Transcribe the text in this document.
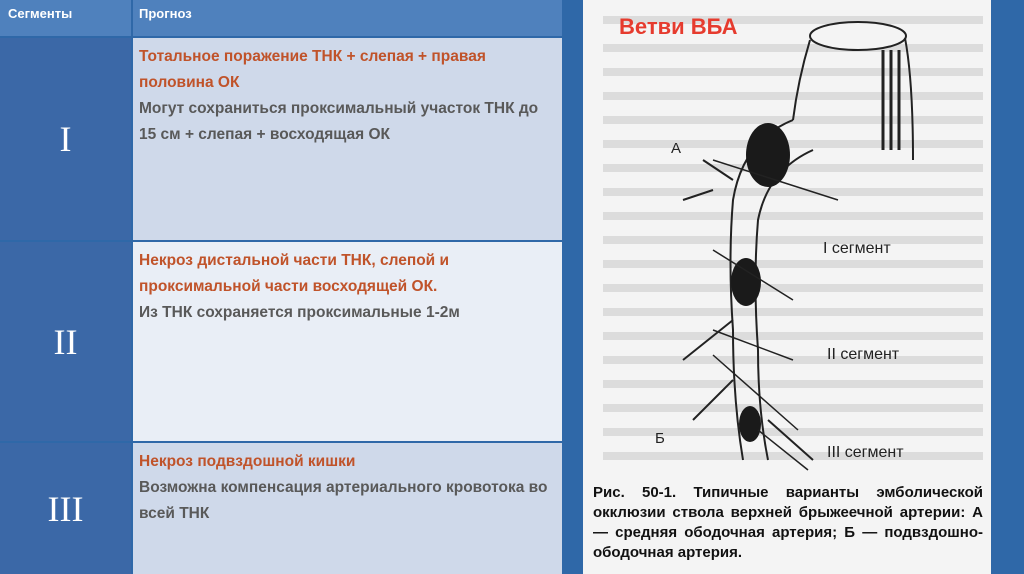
Сегменты	Прогноз
I
Тотальное поражение ТНК + слепая + правая половина ОК
Могут сохраниться проксимальный участок ТНК до 15 см + слепая + восходящая ОК
II
Некроз дистальной части ТНК, слепой и проксимальной части восходящей ОК.
Из ТНК сохраняется проксимальные 1-2м
III
Некроз подвздошной кишки
Возможна компенсация артериального кровотока во всей ТНК
Ветви ВБА
А
Б
I сегмент
II сегмент
III сегмент
Рис. 50-1. Типичные варианты эмболической окклюзии ствола верхней брыжеечной артерии: А — средняя ободочная артерия; Б — подвздошно-ободочная артерия.
